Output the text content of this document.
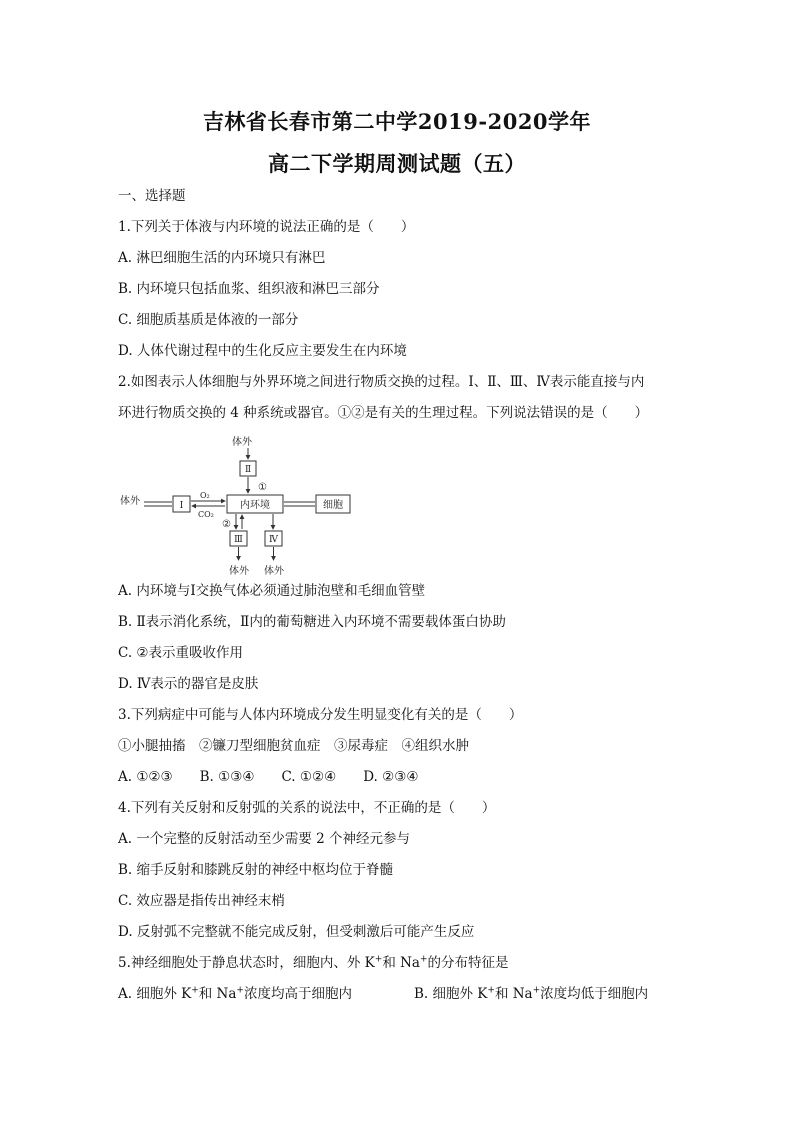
吉林省长春市第二中学2019-2020学年
高二下学期周测试题（五）
一、选择题
1.下列关于体液与内环境的说法正确的是（　　）
A. 淋巴细胞生活的内环境只有淋巴
B. 内环境只包括血浆、组织液和淋巴三部分
C. 细胞质基质是体液的一部分
D. 人体代谢过程中的生化反应主要发生在内环境
2.如图表示人体细胞与外界环境之间进行物质交换的过程。Ⅰ、Ⅱ、Ⅲ、Ⅳ表示能直接与内
环进行物质交换的 4 种系统或器官。①②是有关的生理过程。下列说法错误的是（　　）
体外
Ⅱ
①
体外	Ⅰ
O₂
CO₂
内环境	细胞
②
Ⅲ
体外
Ⅳ
体外
A. 内环境与Ⅰ交换气体必须通过肺泡壁和毛细血管壁
B. Ⅱ表示消化系统，Ⅱ内的葡萄糖进入内环境不需要载体蛋白协助
C. ②表示重吸收作用
D. Ⅳ表示的器官是皮肤
3.下列病症中可能与人体内环境成分发生明显变化有关的是（　　）
①小腿抽搐　②镰刀型细胞贫血症　③尿毒症　④组织水肿
A. ①②③　　B. ①③④　　C. ①②④　　D. ②③④
4.下列有关反射和反射弧的关系的说法中，不正确的是（　　）
A. 一个完整的反射活动至少需要 2 个神经元参与
B. 缩手反射和膝跳反射的神经中枢均位于脊髓
C. 效应器是指传出神经末梢
D. 反射弧不完整就不能完成反射，但受刺激后可能产生反应
5.神经细胞处于静息状态时，细胞内、外 K+和 Na+的分布特征是
A. 细胞外 K+和 Na+浓度均高于细胞内	B. 细胞外 K+和 Na+浓度均低于细胞内
